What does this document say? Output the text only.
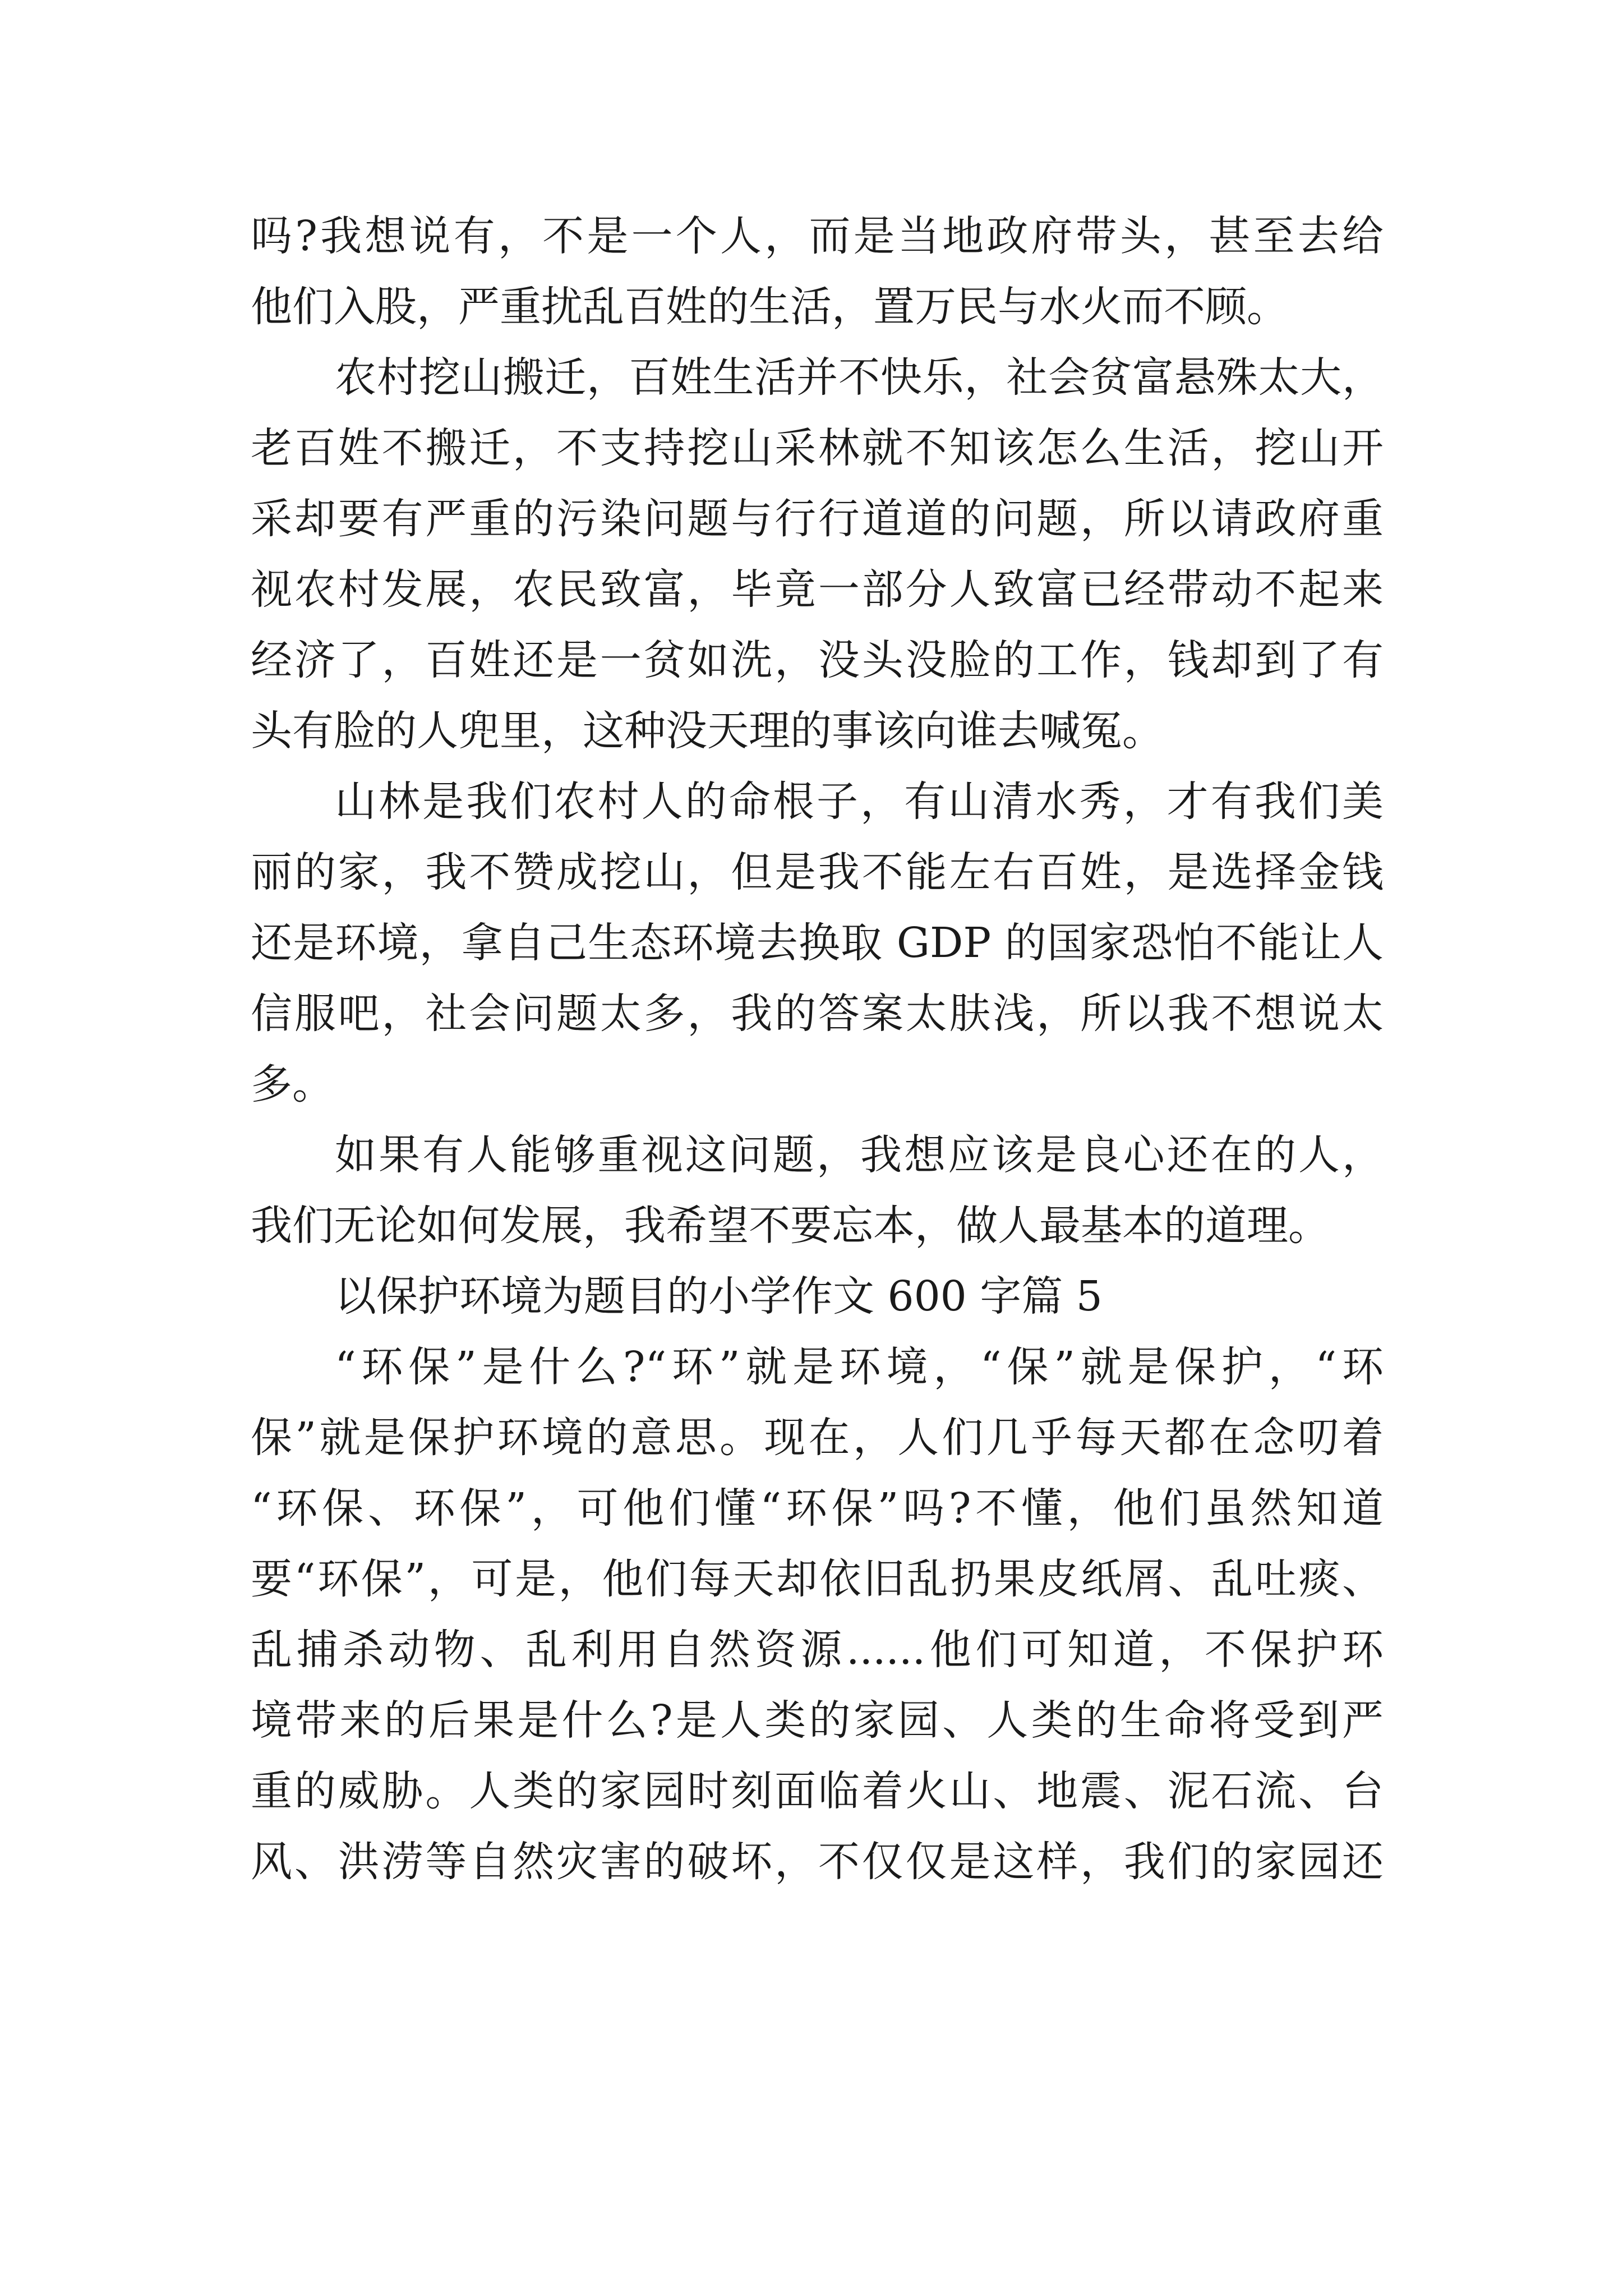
吗?我想说有，不是一个人，而是当地政府带头，甚至去给
他们入股，严重扰乱百姓的生活，置万民与水火而不顾。
农村挖山搬迁，百姓生活并不快乐，社会贫富悬殊太大，
老百姓不搬迁，不支持挖山采林就不知该怎么生活，挖山开
采却要有严重的污染问题与行行道道的问题，所以请政府重
视农村发展，农民致富，毕竟一部分人致富已经带动不起来
经济了，百姓还是一贫如洗，没头没脸的工作，钱却到了有
头有脸的人兜里，这种没天理的事该向谁去喊冤。
山林是我们农村人的命根子，有山清水秀，才有我们美
丽的家，我不赞成挖山，但是我不能左右百姓，是选择金钱
还是环境，拿自己生态环境去换取 GDP 的国家恐怕不能让人
信服吧，社会问题太多，我的答案太肤浅，所以我不想说太
多。
如果有人能够重视这问题，我想应该是良心还在的人，
我们无论如何发展，我希望不要忘本，做人最基本的道理。
以保护环境为题目的小学作文 600 字篇 5
“环保”是什么?“环”就是环境，“保”就是保护，“环
保”就是保护环境的意思。现在，人们几乎每天都在念叨着
“环保、环保”，可他们懂“环保”吗?不懂，他们虽然知道
要“环保”，可是，他们每天却依旧乱扔果皮纸屑、乱吐痰、
乱捕杀动物、乱利用自然资源......他们可知道，不保护环
境带来的后果是什么?是人类的家园、人类的生命将受到严
重的威胁。人类的家园时刻面临着火山、地震、泥石流、台
风、洪涝等自然灾害的破坏，不仅仅是这样，我们的家园还
